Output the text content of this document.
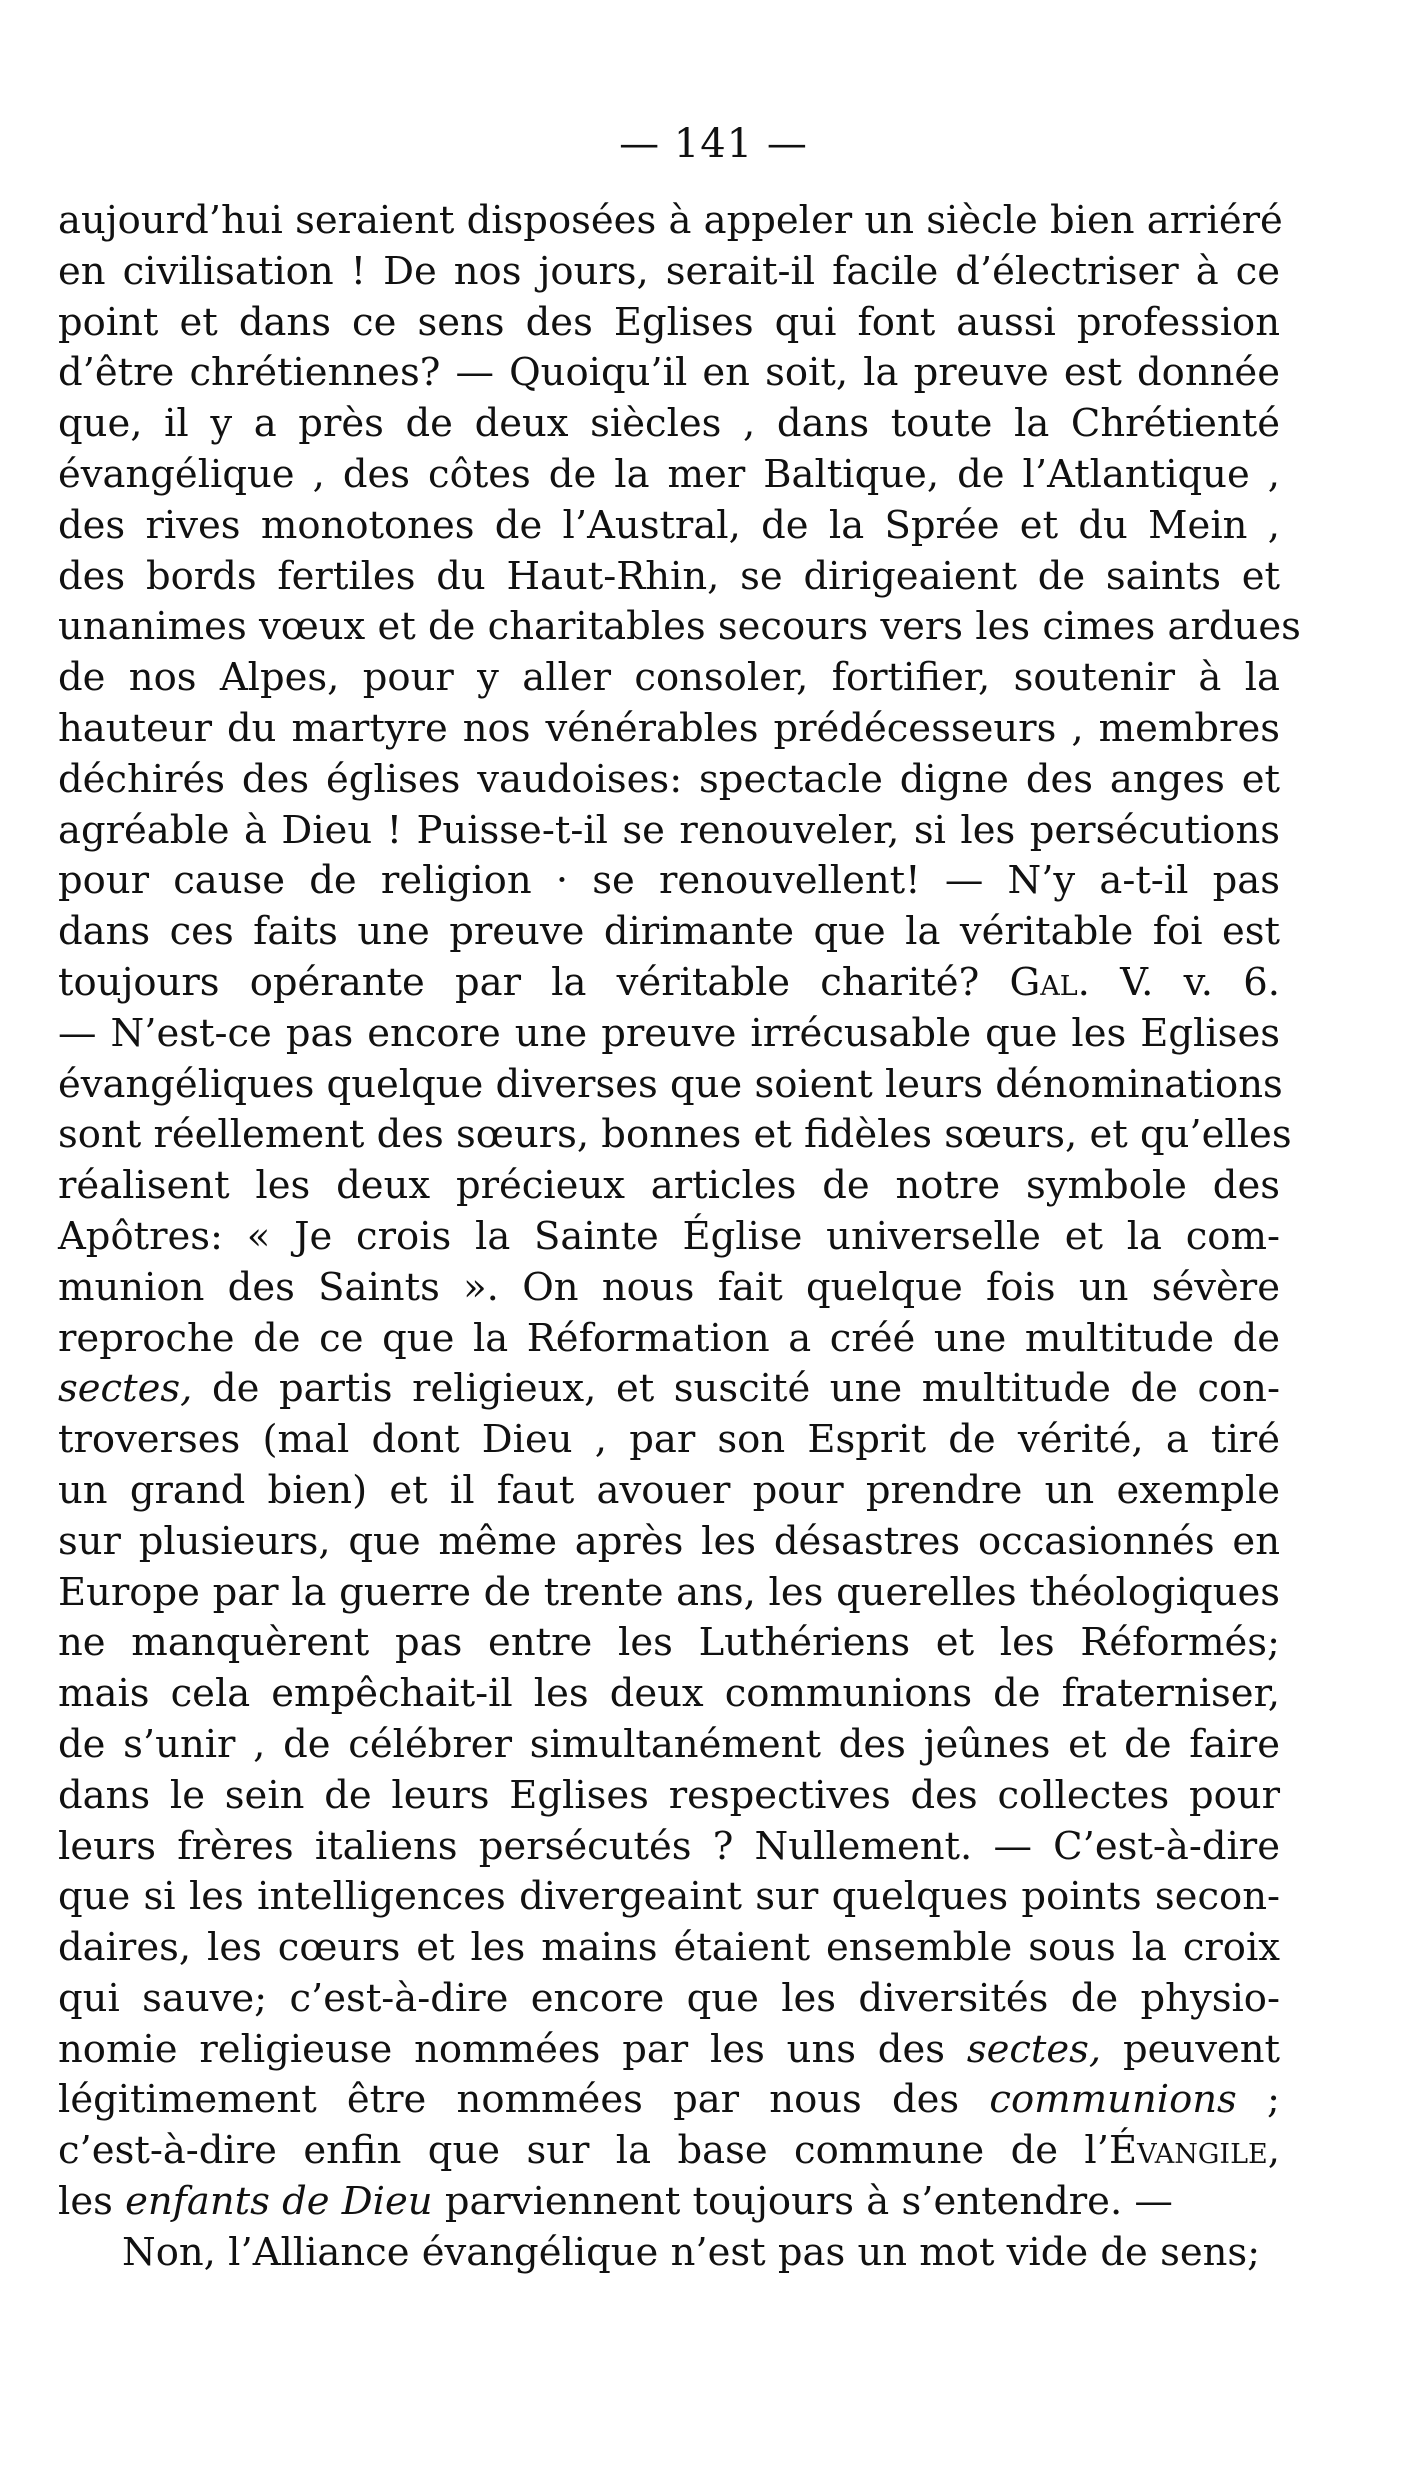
— 141 —
aujourd’hui seraient disposées à appeler un siècle bien arriéré
en civilisation ! De nos jours, serait-il facile d’électriser à ce
point et dans ce sens des Eglises qui font aussi profession
d’être chrétiennes? — Quoiqu’il en soit, la preuve est donnée
que, il y a près de deux siècles , dans toute la Chrétienté
évangélique , des côtes de la mer Baltique, de l’Atlantique ,
des rives monotones de l’Austral, de la Sprée et du Mein ,
des bords fertiles du Haut-Rhin, se dirigeaient de saints et
unanimes vœux et de charitables secours vers les cimes ardues
de nos Alpes, pour y aller consoler, fortifier, soutenir à la
hauteur du martyre nos vénérables prédécesseurs , membres
déchirés des églises vaudoises: spectacle digne des anges et
agréable à Dieu ! Puisse-t-il se renouveler, si les persécutions
pour cause de religion · se renouvellent! — N’y a-t-il pas
dans ces faits une preuve dirimante que la véritable foi est
toujours opérante par la véritable charité? Gal. V. v. 6.
— N’est-ce pas encore une preuve irrécusable que les Eglises
évangéliques quelque diverses que soient leurs dénominations
sont réellement des sœurs, bonnes et fidèles sœurs, et qu’elles
réalisent les deux précieux articles de notre symbole des
Apôtres: « Je crois la Sainte Église universelle et la com-
munion des Saints ». On nous fait quelque fois un sévère
reproche de ce que la Réformation a créé une multitude de
sectes, de partis religieux, et suscité une multitude de con-
troverses (mal dont Dieu , par son Esprit de vérité, a tiré
un grand bien) et il faut avouer pour prendre un exemple
sur plusieurs, que même après les désastres occasionnés en
Europe par la guerre de trente ans, les querelles théologiques
ne manquèrent pas entre les Luthériens et les Réformés;
mais cela empêchait-il les deux communions de fraterniser,
de s’unir , de célébrer simultanément des jeûnes et de faire
dans le sein de leurs Eglises respectives des collectes pour
leurs frères italiens persécutés ? Nullement. — C’est-à-dire
que si les intelligences divergeaint sur quelques points secon-
daires, les cœurs et les mains étaient ensemble sous la croix
qui sauve; c’est-à-dire encore que les diversités de physio-
nomie religieuse nommées par les uns des sectes, peuvent
légitimement être nommées par nous des communions ;
c’est-à-dire enfin que sur la base commune de l’Évangile,
les enfants de Dieu parviennent toujours à s’entendre. —
Non, l’Alliance évangélique n’est pas un mot vide de sens;
